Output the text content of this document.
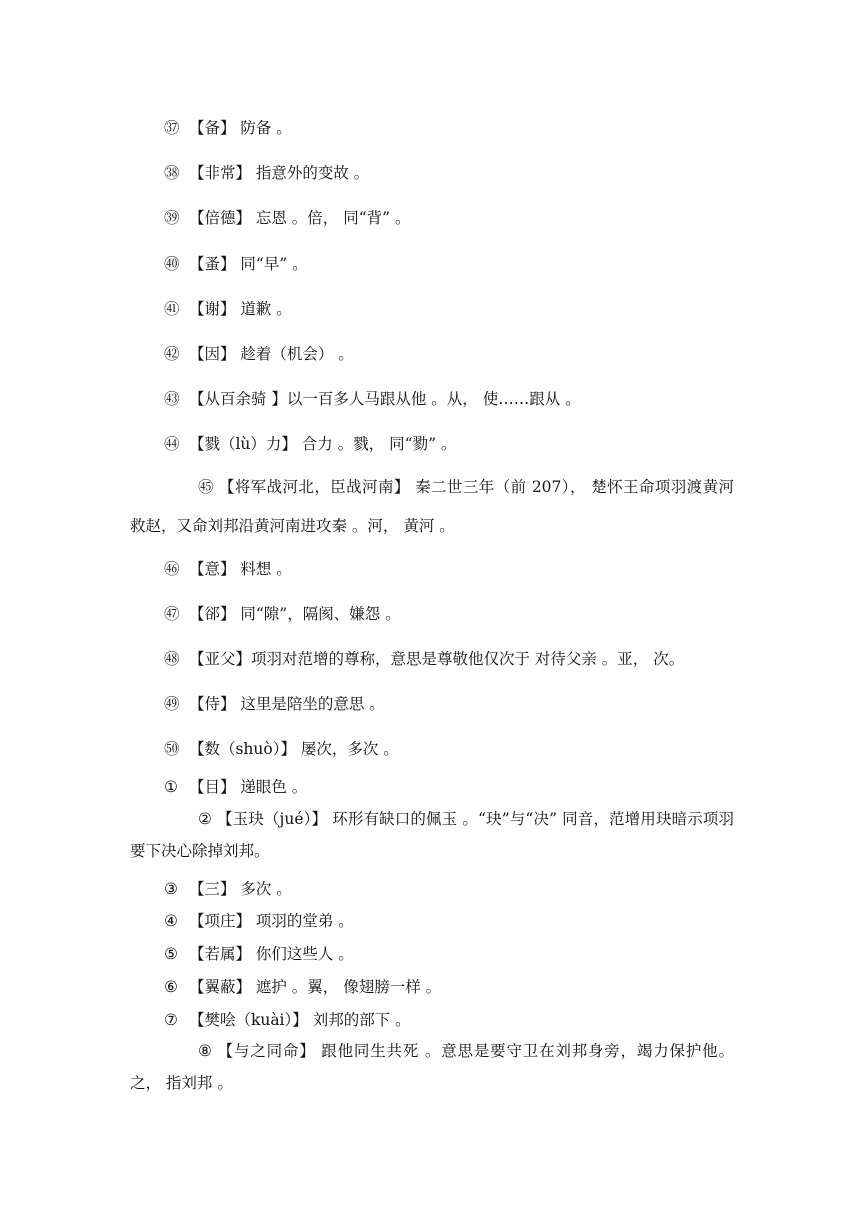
㊲ 【备】 防备 。
㊳ 【非常】 指意外的变故 。
㊴ 【倍德】 忘恩 。倍， 同“背” 。
㊵ 【蚤】 同“早” 。
㊶ 【谢】 道歉 。
㊷ 【因】 趁着（机会） 。
㊸ 【从百余骑 】以一百多人马跟从他 。从， 使……跟从 。
㊹ 【戮（lù）力】 合力 。戮， 同“勠” 。
㊺ 【将军战河北，臣战河南】 秦二世三年（前 207）， 楚怀王命项羽渡黄河救赵，又命刘邦沿黄河南进攻秦 。河， 黄河 。
㊻ 【意】 料想 。
㊼ 【郤】 同“隙”，隔阂、嫌怨 。
㊽ 【亚父】项羽对范增的尊称，意思是尊敬他仅次于 对待父亲 。亚， 次。
㊾ 【侍】 这里是陪坐的意思 。
㊿ 【数（shuò）】 屡次，多次 。
① 【目】 递眼色 。
② 【玉玦（jué）】 环形有缺口的佩玉 。“玦”与“决” 同音，范增用玦暗示项羽要下决心除掉刘邦。
③ 【三】 多次 。
④ 【项庄】 项羽的堂弟 。
⑤ 【若属】 你们这些人 。
⑥ 【翼蔽】 遮护 。翼， 像翅膀一样 。
⑦ 【樊哙（kuài）】 刘邦的部下 。
⑧ 【与之同命】 跟他同生共死 。意思是要守卫在刘邦身旁，竭力保护他。之， 指刘邦 。
